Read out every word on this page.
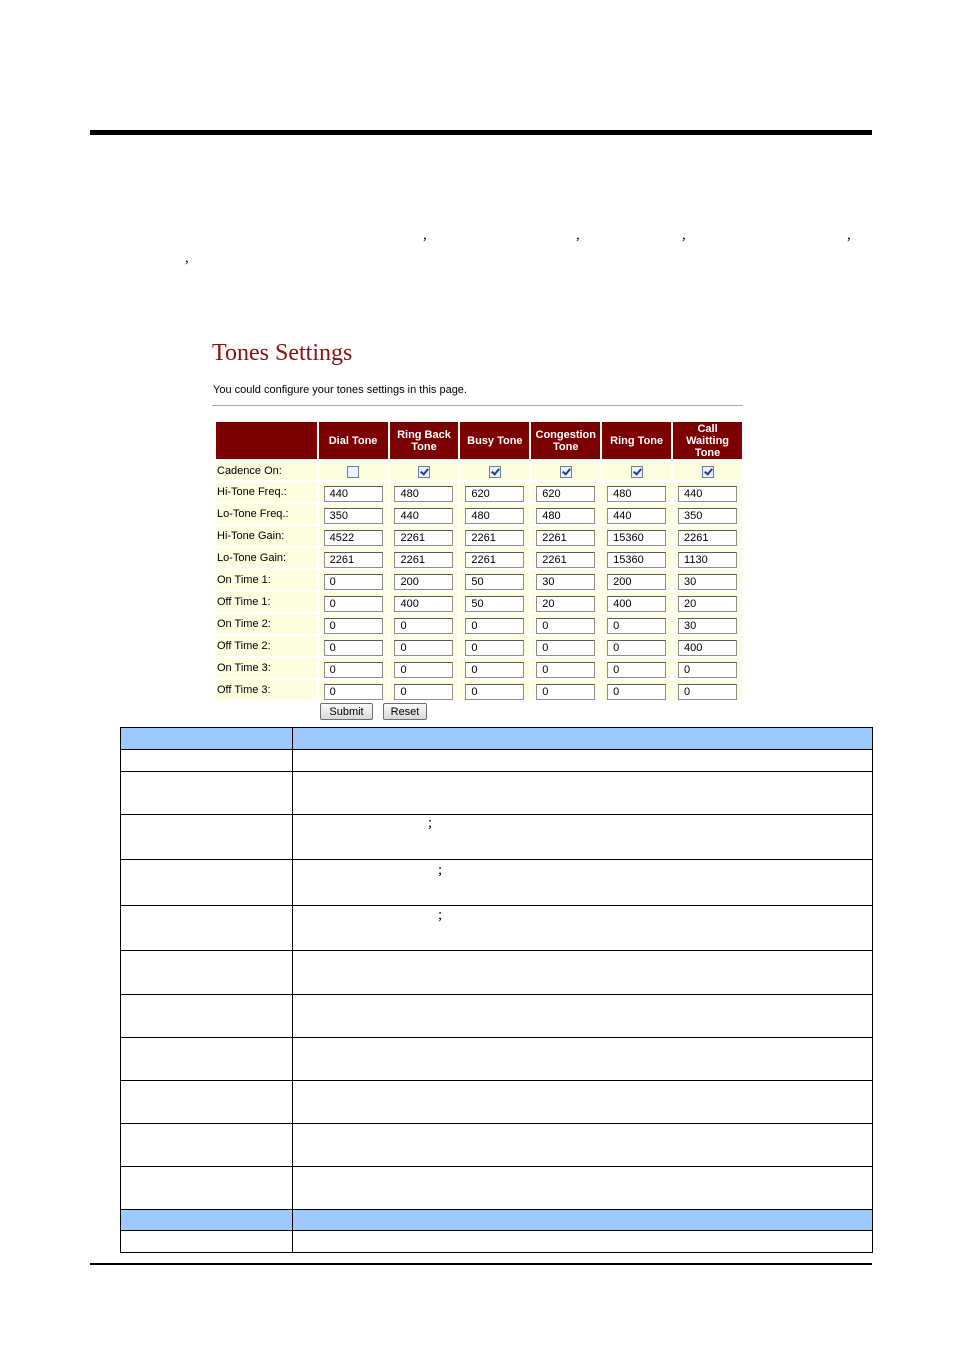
,	,	,	,
,
Tones Settings
You could configure your tones settings in this page.
	Dial Tone	Ring Back Tone	Busy Tone	Congestion Tone	Ring Tone	Call Waitting Tone
Cadence On:						
Hi-Tone Freq.:	440	480	620	620	480	440
Lo-Tone Freq.:	350	440	480	480	440	350
Hi-Tone Gain:	4522	2261	2261	2261	15360	2261
Lo-Tone Gain:	2261	2261	2261	2261	15360	1130
On Time 1:	0	200	50	30	200	30
Off Time 1:	0	400	50	20	400	20
On Time 2:	0	0	0	0	0	30
Off Time 2:	0	0	0	0	0	400
On Time 3:	0	0	0	0	0	0
Off Time 3:	0	0	0	0	0	0
Submit	Reset

;
;
;
